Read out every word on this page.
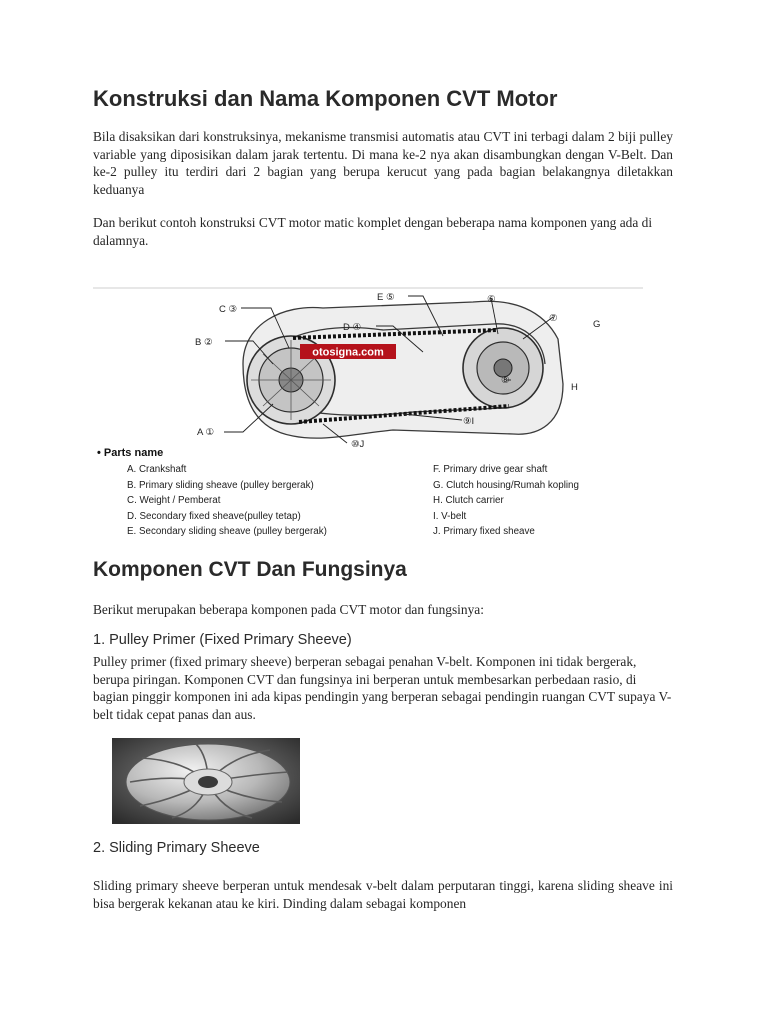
Konstruksi dan Nama Komponen CVT Motor

Bila disaksikan dari konstruksinya, mekanisme transmisi automatis atau CVT ini terbagi dalam 2 biji pulley variable yang diposisikan dalam jarak tertentu. Di mana ke-2 nya akan disambungkan dengan V-Belt. Dan ke-2 pulley itu terdiri dari 2 bagian yang berupa kerucut yang pada bagian belakangnya diletakkan keduanya

Dan berikut contoh konstruksi CVT motor matic komplet dengan beberapa nama komponen yang ada di dalamnya.

otosigna.com
C ③
B ②
A ①
D ④
E ⑤	⑥
⑦
G
⑧
H
⑨I
⑩J
• Parts name
A. Crankshaft
B. Primary sliding sheave (pulley bergerak)
C. Weight / Pemberat
D. Secondary fixed sheave(pulley tetap)
E. Secondary sliding sheave (pulley bergerak)
F. Primary drive gear shaft
G. Clutch housing/Rumah kopling
H. Clutch carrier
I. V-belt
J. Primary fixed sheave
Komponen CVT Dan Fungsinya

Berikut merupakan beberapa komponen pada CVT motor dan fungsinya:

1. Pulley Primer (Fixed Primary Sheeve)

Pulley primer (fixed primary sheeve) berperan sebagai penahan V-belt. Komponen ini tidak bergerak, berupa piringan. Komponen CVT dan fungsinya ini berperan untuk membesarkan perbedaan rasio, di bagian pinggir komponen ini ada kipas pendingin yang berperan sebagai pendingin ruangan CVT supaya V-belt tidak cepat panas dan aus.

2. Sliding Primary Sheeve

Sliding primary sheeve berperan untuk mendesak v-belt dalam perputaran tinggi, karena sliding sheave ini bisa bergerak kekanan atau ke kiri. Dinding dalam sebagai komponen
